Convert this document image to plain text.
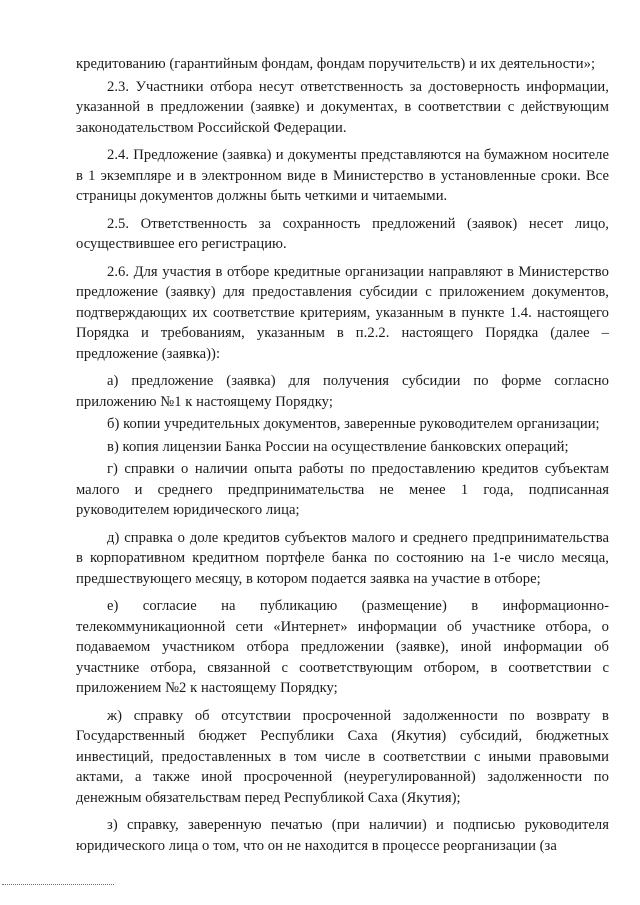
кредитованию (гарантийным фондам, фондам поручительств) и их деятельности»;

2.3. Участники отбора несут ответственность за достоверность информации, указанной в предложении (заявке) и документах, в соответствии с действующим законодательством Российской Федерации.

2.4. Предложение (заявка) и документы представляются на бумажном носителе в 1 экземпляре и в электронном виде в Министерство в установленные сроки. Все страницы документов должны быть четкими и читаемыми.

2.5. Ответственность за сохранность предложений (заявок) несет лицо, осуществившее его регистрацию.

2.6. Для участия в отборе кредитные организации направляют в Министерство предложение (заявку) для предоставления субсидии с приложением документов, подтверждающих их соответствие критериям, указанным в пункте 1.4. настоящего Порядка и требованиям, указанным в п.2.2. настоящего Порядка (далее –предложение (заявка)):

а) предложение (заявка) для получения субсидии по форме согласно приложению №1 к настоящему Порядку;

б) копии учредительных документов, заверенные руководителем организации;

в) копия лицензии Банка России на осуществление банковских операций;

г) справки о наличии опыта работы по предоставлению кредитов субъектам малого и среднего предпринимательства не менее 1 года, подписанная руководителем юридического лица;

д) справка о доле кредитов субъектов малого и среднего предпринимательства в корпоративном кредитном портфеле банка по состоянию на 1-е число месяца, предшествующего месяцу, в котором подается заявка на участие в отборе;

е) согласие на публикацию (размещение) в информационно-телекоммуникационной сети «Интернет» информации об участнике отбора, о подаваемом участником отбора предложении (заявке), иной информации об участнике отбора, связанной с соответствующим отбором, в соответствии с приложением №2 к настоящему Порядку;

ж) справку об отсутствии просроченной задолженности по возврату в Государственный бюджет Республики Саха (Якутия) субсидий, бюджетных инвестиций, предоставленных в том числе в соответствии с иными правовыми актами, а также иной просроченной (неурегулированной) задолженности по денежным обязательствам перед Республикой Саха (Якутия);

з) справку, заверенную печатью (при наличии) и подписью руководителя юридического лица о том, что он не находится в процессе реорганизации (за
